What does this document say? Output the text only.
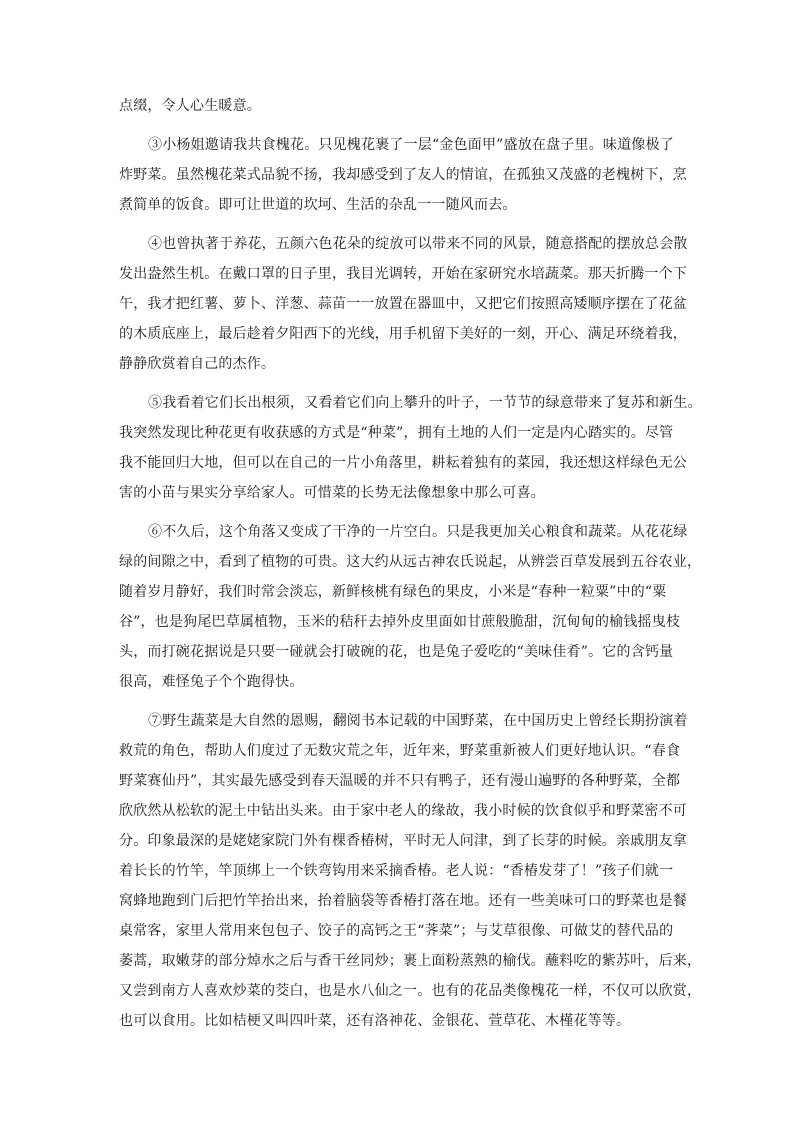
点缀，令人心生暖意。
③小杨姐邀请我共食槐花。只见槐花裹了一层“金色面甲”盛放在盘子里。味道像极了
炸野菜。虽然槐花菜式品貌不扬，我却感受到了友人的情谊，在孤独又茂盛的老槐树下，烹
煮简单的饭食。即可让世道的坎坷、生活的杂乱一一随风而去。
④也曾执著于养花，五颜六色花朵的绽放可以带来不同的风景，随意搭配的摆放总会散
发出盎然生机。在戴口罩的日子里，我目光调转，开始在家研究水培蔬菜。那天折腾一个下
午，我才把红薯、萝卜、洋葱、蒜苗一一放置在器皿中，又把它们按照高矮顺序摆在了花盆
的木质底座上，最后趁着夕阳西下的光线，用手机留下美好的一刻，开心、满足环绕着我，
静静欣赏着自己的杰作。
⑤我看着它们长出根须，又看着它们向上攀升的叶子，一节节的绿意带来了复苏和新生。
我突然发现比种花更有收获感的方式是“种菜”，拥有土地的人们一定是内心踏实的。尽管
我不能回归大地，但可以在自己的一片小角落里，耕耘着独有的菜园，我还想这样绿色无公
害的小苗与果实分享给家人。可惜菜的长势无法像想象中那么可喜。
⑥不久后，这个角落又变成了干净的一片空白。只是我更加关心粮食和蔬菜。从花花绿
绿的间隙之中，看到了植物的可贵。这大约从远古神农氏说起，从辨尝百草发展到五谷农业，
随着岁月静好，我们时常会淡忘，新鲜核桃有绿色的果皮，小米是“春种一粒粟”中的“粟
谷”，也是狗尾巴草属植物，玉米的秸秆去掉外皮里面如甘蔗般脆甜，沉甸甸的榆钱摇曳枝
头，而打碗花据说是只要一碰就会打破碗的花，也是兔子爱吃的“美味佳肴”。它的含钙量
很高，难怪兔子个个跑得快。
⑦野生蔬菜是大自然的恩赐，翻阅书本记载的中国野菜，在中国历史上曾经长期扮演着
救荒的角色，帮助人们度过了无数灾荒之年，近年来，野菜重新被人们更好地认识。“春食
野菜赛仙丹”，其实最先感受到春天温暖的并不只有鸭子，还有漫山遍野的各种野菜，全都
欣欣然从松软的泥土中钻出头来。由于家中老人的缘故，我小时候的饮食似乎和野菜密不可
分。印象最深的是姥姥家院门外有棵香椿树，平时无人问津，到了长芽的时候。亲戚朋友拿
着长长的竹竿，竿顶绑上一个铁弯钩用来采摘香椿。老人说：“香椿发芽了！”孩子们就一
窝蜂地跑到门后把竹竿抬出来，抬着脑袋等香椿打落在地。还有一些美味可口的野菜也是餐
桌常客，家里人常用来包包子、饺子的高钙之王“荠菜”；与艾草很像、可做艾的替代品的
萎蒿，取嫩芽的部分焯水之后与香干丝同炒；裹上面粉蒸熟的榆伐。蘸料吃的紫苏叶，后来，
又尝到南方人喜欢炒菜的茭白，也是水八仙之一。也有的花品类像槐花一样，不仅可以欣赏，
也可以食用。比如桔梗又叫四叶菜，还有洛神花、金银花、萱草花、木槿花等等。
